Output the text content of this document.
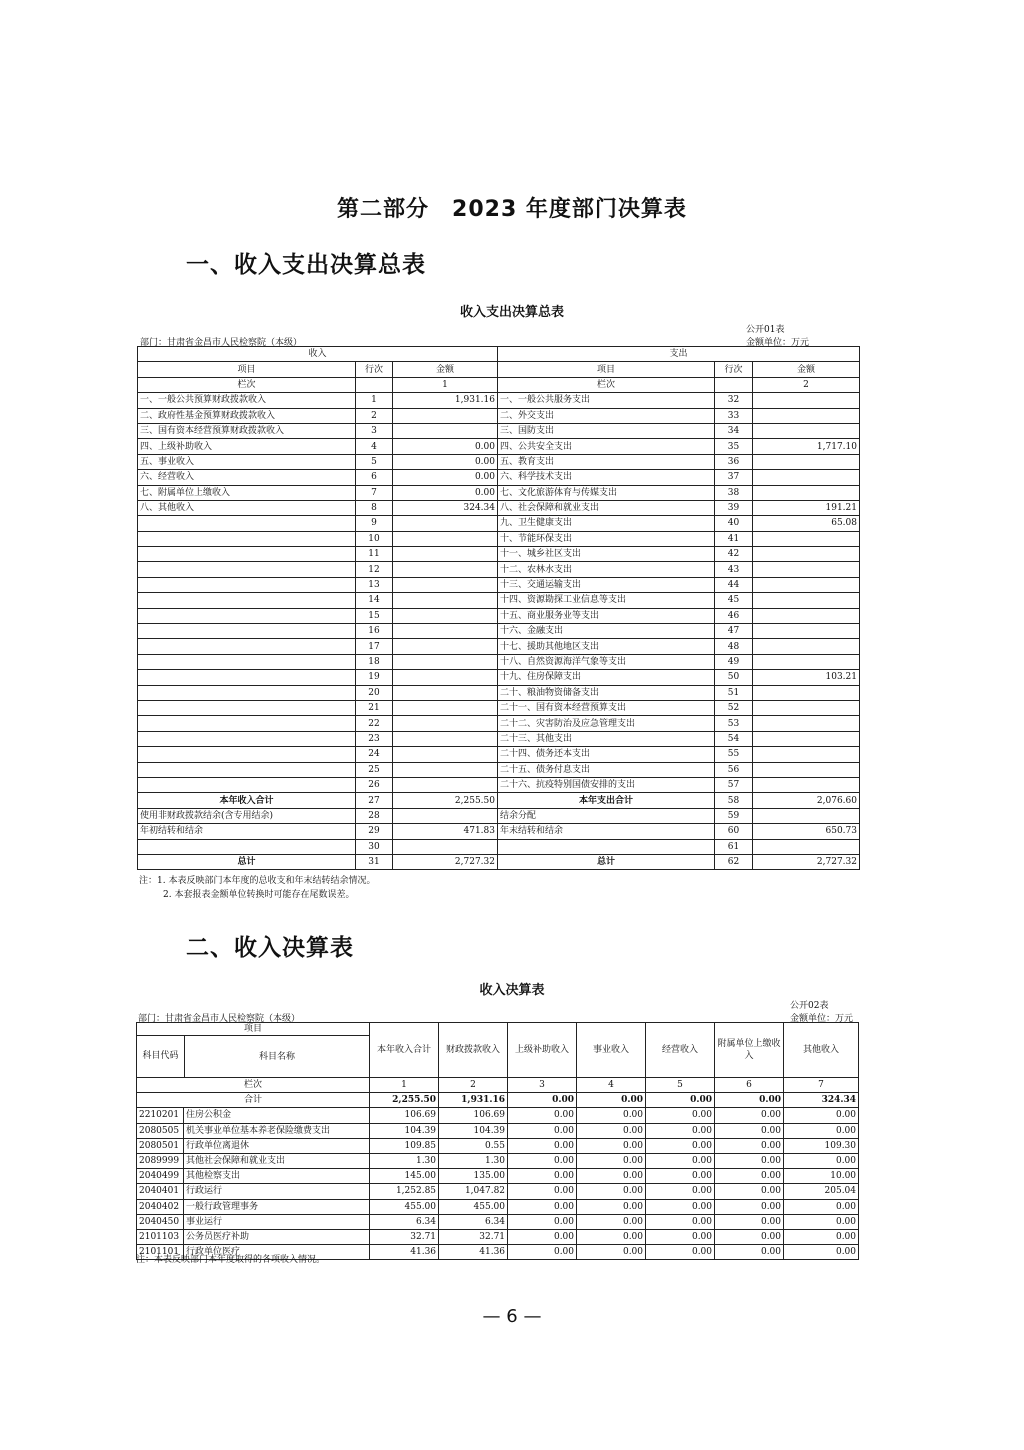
第二部分　2023 年度部门决算表
一、收入支出决算总表
收入支出决算总表
公开01表
部门：甘肃省金昌市人民检察院（本级）	金额单位：万元
收入			支出		
项目	行次	金额	项目	行次	金额
栏次		1	栏次		2
一、一般公共预算财政拨款收入	1	1,931.16	一、一般公共服务支出	32	
二、政府性基金预算财政拨款收入	2		二、外交支出	33	
三、国有资本经营预算财政拨款收入	3		三、国防支出	34	
四、上级补助收入	4	0.00	四、公共安全支出	35	1,717.10
五、事业收入	5	0.00	五、教育支出	36	
六、经营收入	6	0.00	六、科学技术支出	37	
七、附属单位上缴收入	7	0.00	七、文化旅游体育与传媒支出	38	
八、其他收入	8	324.34	八、社会保障和就业支出	39	191.21
	9		九、卫生健康支出	40	65.08
	10		十、节能环保支出	41	
	11		十一、城乡社区支出	42	
	12		十二、农林水支出	43	
	13		十三、交通运输支出	44	
	14		十四、资源勘探工业信息等支出	45	
	15		十五、商业服务业等支出	46	
	16		十六、金融支出	47	
	17		十七、援助其他地区支出	48	
	18		十八、自然资源海洋气象等支出	49	
	19		十九、住房保障支出	50	103.21
	20		二十、粮油物资储备支出	51	
	21		二十一、国有资本经营预算支出	52	
	22		二十二、灾害防治及应急管理支出	53	
	23		二十三、其他支出	54	
	24		二十四、债务还本支出	55	
	25		二十五、债务付息支出	56	
	26		二十六、抗疫特别国债安排的支出	57	
本年收入合计	27	2,255.50	本年支出合计	58	2,076.60
使用非财政拨款结余(含专用结余)	28		结余分配	59	
年初结转和结余	29	471.83	年末结转和结余	60	650.73
	30			61	
总计	31	2,727.32	总计	62	2,727.32
注：1. 本表反映部门本年度的总收支和年末结转结余情况。
2. 本套报表金额单位转换时可能存在尾数误差。
二、收入决算表
收入决算表
公开02表
部门：甘肃省金昌市人民检察院（本级）	金额单位：万元
项目
科目代码 科目名称		本年收入合计	财政拨款收入	上级补助收入	事业收入	经营收入	附属单位上缴收入	其他收入
栏次		1	2	3	4	5	6	7
合计		2,255.50	1,931.16	0.00	0.00	0.00	0.00	324.34
2210201	住房公积金	106.69	106.69	0.00	0.00	0.00	0.00	0.00
2080505	机关事业单位基本养老保险缴费支出	104.39	104.39	0.00	0.00	0.00	0.00	0.00
2080501	行政单位离退休	109.85	0.55	0.00	0.00	0.00	0.00	109.30
2089999	其他社会保障和就业支出	1.30	1.30	0.00	0.00	0.00	0.00	0.00
2040499	其他检察支出	145.00	135.00	0.00	0.00	0.00	0.00	10.00
2040401	行政运行	1,252.85	1,047.82	0.00	0.00	0.00	0.00	205.04
2040402	一般行政管理事务	455.00	455.00	0.00	0.00	0.00	0.00	0.00
2040450	事业运行	6.34	6.34	0.00	0.00	0.00	0.00	0.00
2101103	公务员医疗补助	32.71	32.71	0.00	0.00	0.00	0.00	0.00
2101101	行政单位医疗	41.36	41.36	0.00	0.00	0.00	0.00	0.00
注：本表反映部门本年度取得的各项收入情况。
— 6 —
